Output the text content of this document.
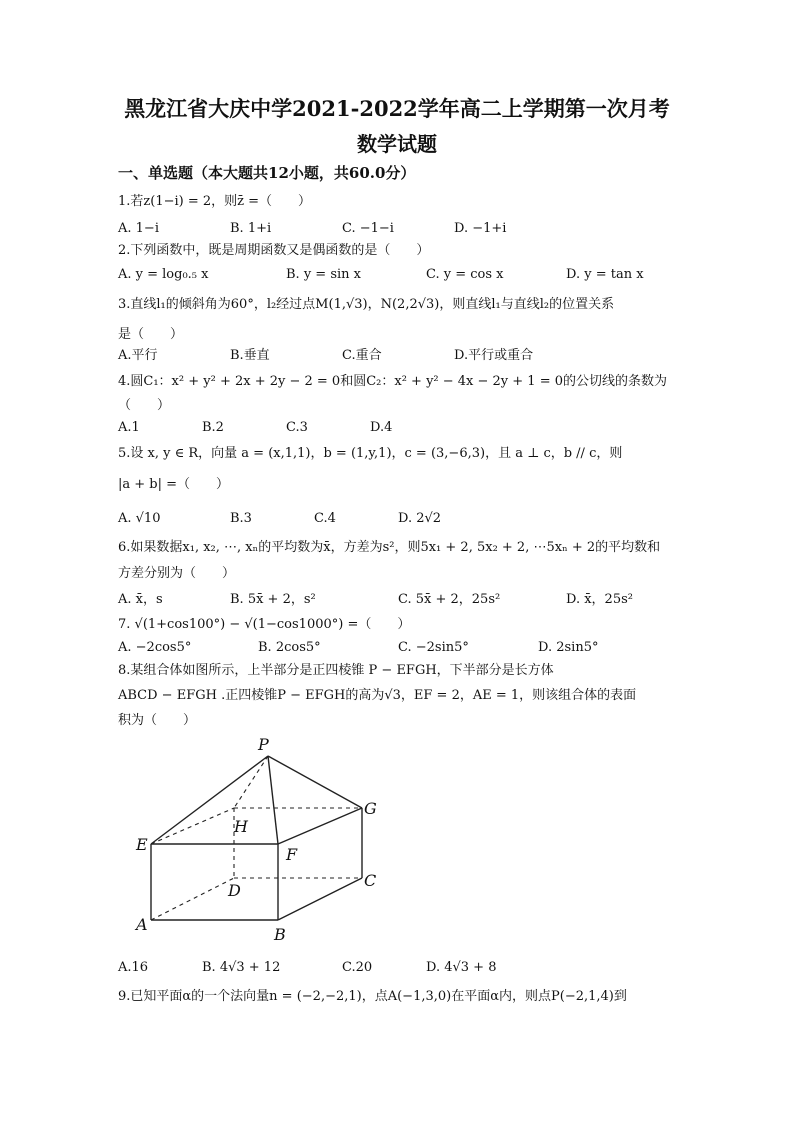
黑龙江省大庆中学2021-2022学年高二上学期第一次月考
数学试题
一、单选题（本大题共12小题，共60.0分）
1.若z(1−i) = 2，则z̄ =（　　）
A. 1−i	B. 1+i	C. −1−i	D. −1+i
2.下列函数中，既是周期函数又是偶函数的是（　　）
A. y = log₀.₅ x	B. y = sin x	C. y = cos x	D. y = tan x
3.直线l₁的倾斜角为60°，l₂经过点M(1,√3)，N(2,2√3)，则直线l₁与直线l₂的位置关系
是（　　）
A.平行	B.垂直	C.重合	D.平行或重合
4.圆C₁：x² + y² + 2x + 2y − 2 = 0和圆C₂：x² + y² − 4x − 2y + 1 = 0的公切线的条数为
（　　）
A.1	B.2	C.3	D.4
5.设 x, y ∈ R，向量 a = (x,1,1)，b = (1,y,1)，c = (3,−6,3)，且 a ⊥ c，b // c，则
|a + b| =（　　）
A. √10	B.3	C.4	D. 2√2
6.如果数据x₁, x₂, ⋯, xₙ的平均数为x̄，方差为s²，则5x₁ + 2, 5x₂ + 2, ⋯5xₙ + 2的平均数和
方差分别为（　　）
A. x̄，s	B. 5x̄ + 2，s²	C. 5x̄ + 2，25s²	D. x̄，25s²
7. √(1+cos100°) − √(1−cos1000°) =（　　）
A. −2cos5°	B. 2cos5°	C. −2sin5°	D. 2sin5°
8.某组合体如图所示，上半部分是正四棱锥 P − EFGH，下半部分是长方体
ABCD − EFGH .正四棱锥P − EFGH的高为√3，EF = 2，AE = 1，则该组合体的表面
积为（　　）
P
E
F
G
H
A
B
C
D
A.16	B. 4√3 + 12	C.20	D. 4√3 + 8
9.已知平面α的一个法向量n = (−2,−2,1)，点A(−1,3,0)在平面α内，则点P(−2,1,4)到
